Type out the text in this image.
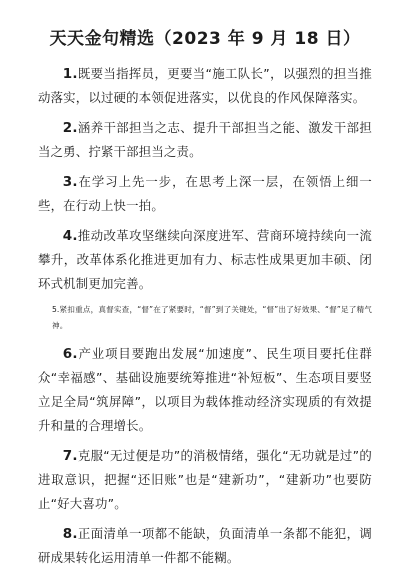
天天金句精选（2023 年 9 月 18 日）

1.既要当指挥员，更要当“施工队长”，以强烈的担当推动落实，以过硬的本领促进落实，以优良的作风保障落实。

2.涵养干部担当之志、提升干部担当之能、激发干部担当之勇、拧紧干部担当之责。

3.在学习上先一步，在思考上深一层，在领悟上细一些，在行动上快一拍。

4.推动改革攻坚继续向深度进军、营商环境持续向一流攀升，改革体系化推进更加有力、标志性成果更加丰硕、闭环式机制更加完善。

5.紧扣重点，真督实查，“督”在了紧要时，“督”到了关键处，“督”出了好效果、“督”足了精气神。

6.产业项目要跑出发展“加速度”、民生项目要托住群众“幸福感”、基础设施要统筹推进“补短板”、生态项目要竖立足全局“筑屏障”，以项目为载体推动经济实现质的有效提升和量的合理增长。

7.克服“无过便是功”的消极情绪，强化“无功就是过”的进取意识，把握“还旧账”也是“建新功”，“建新功”也要防止“好大喜功”。

8.正面清单一项都不能缺，负面清单一条都不能犯，调研成果转化运用清单一件都不能糊。
